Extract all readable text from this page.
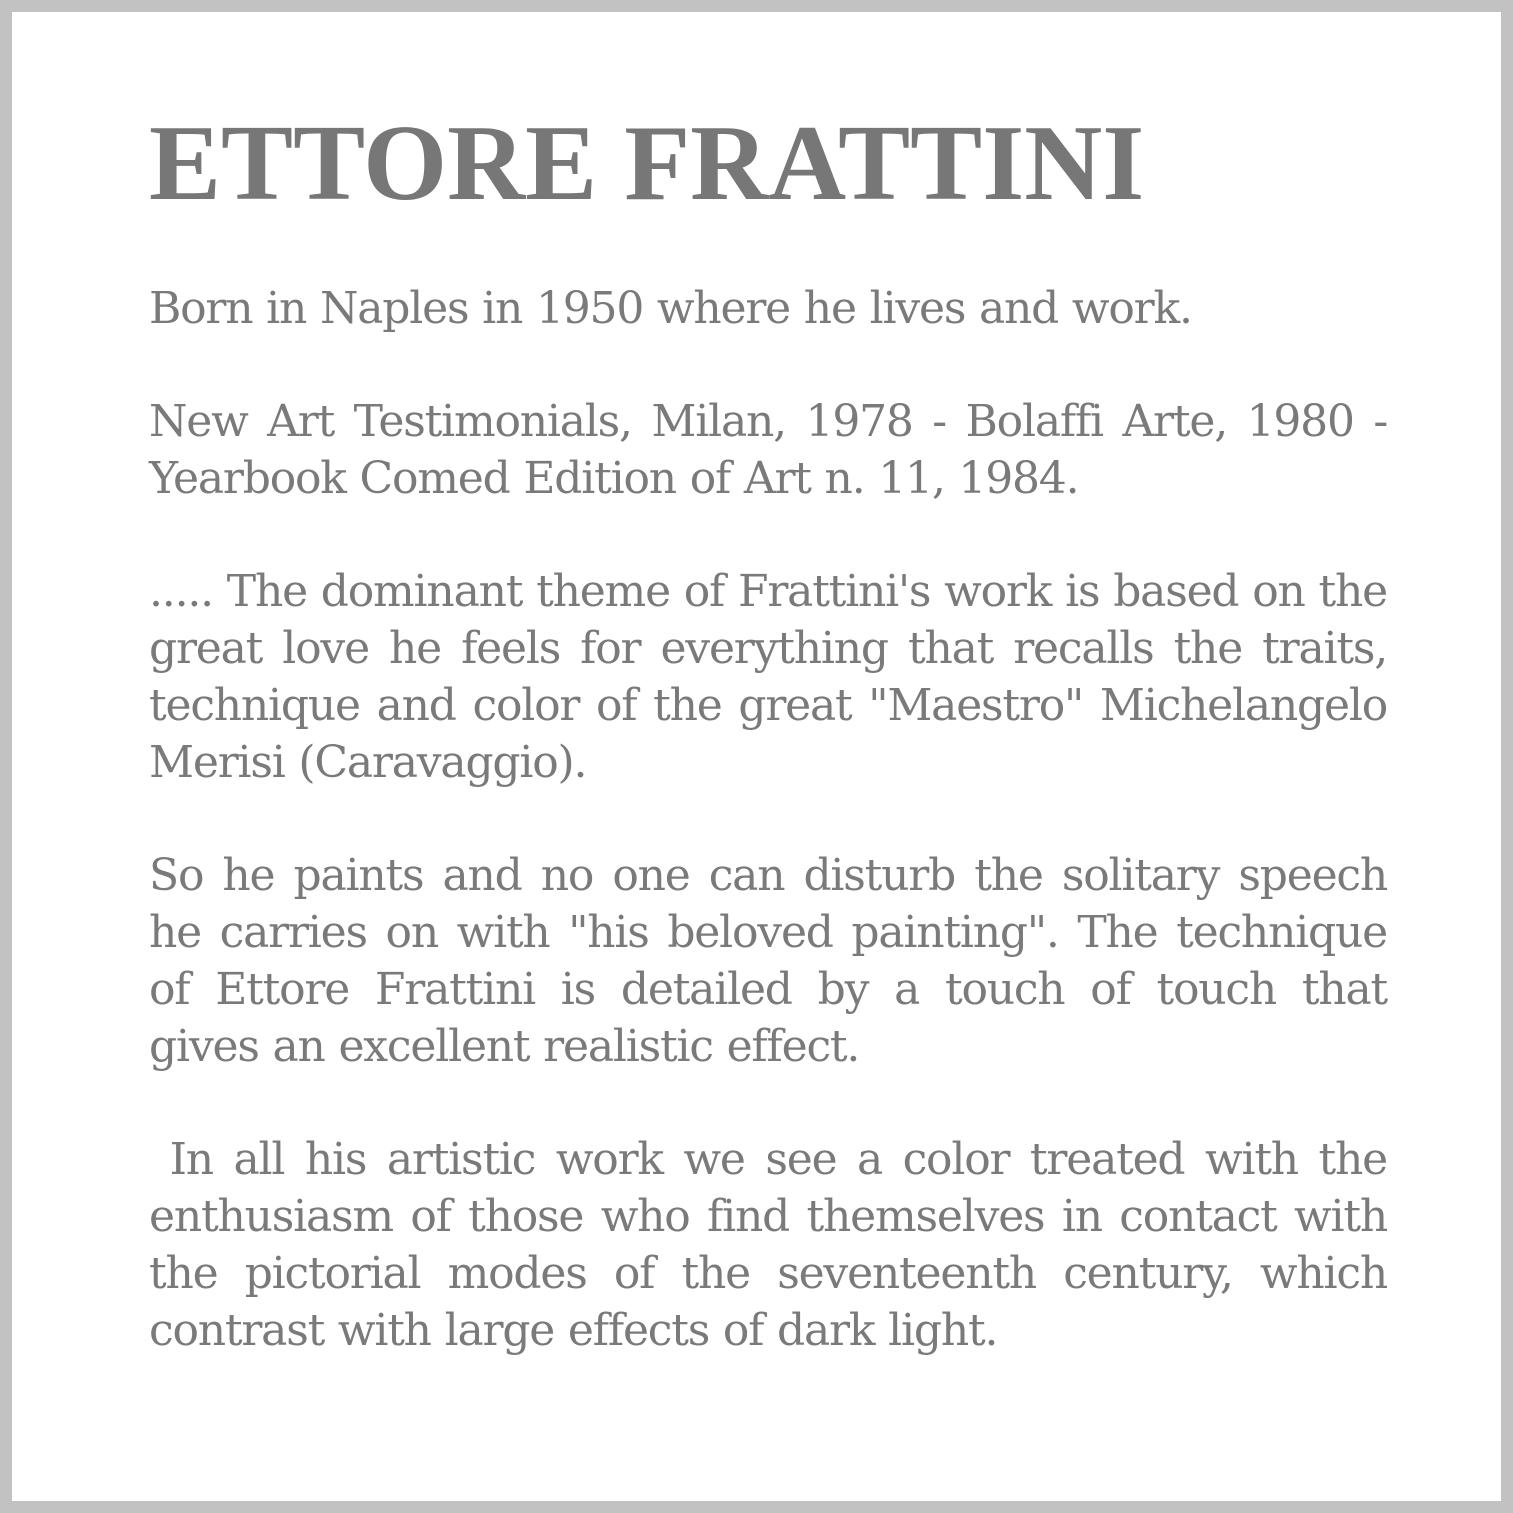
ETTORE FRATTINI

Born in Naples in 1950 where he lives and work.

New Art Testimonials, Milan, 1978 - Bolaffi Arte, 1980 - Yearbook Comed Edition of Art n. 11, 1984.

..... The dominant theme of Frattini's work is based on the great love he feels for everything that recalls the traits, technique and color of the great "Maestro" Michelangelo Merisi (Caravaggio).

So he paints and no one can disturb the solitary speech he carries on with "his beloved painting". The technique of Ettore Frattini is detailed by a touch of touch that gives an excellent realistic effect.

In all his artistic work we see a color treated with the enthusiasm of those who find themselves in contact with the pictorial modes of the seventeenth century, which contrast with large effects of dark light.
